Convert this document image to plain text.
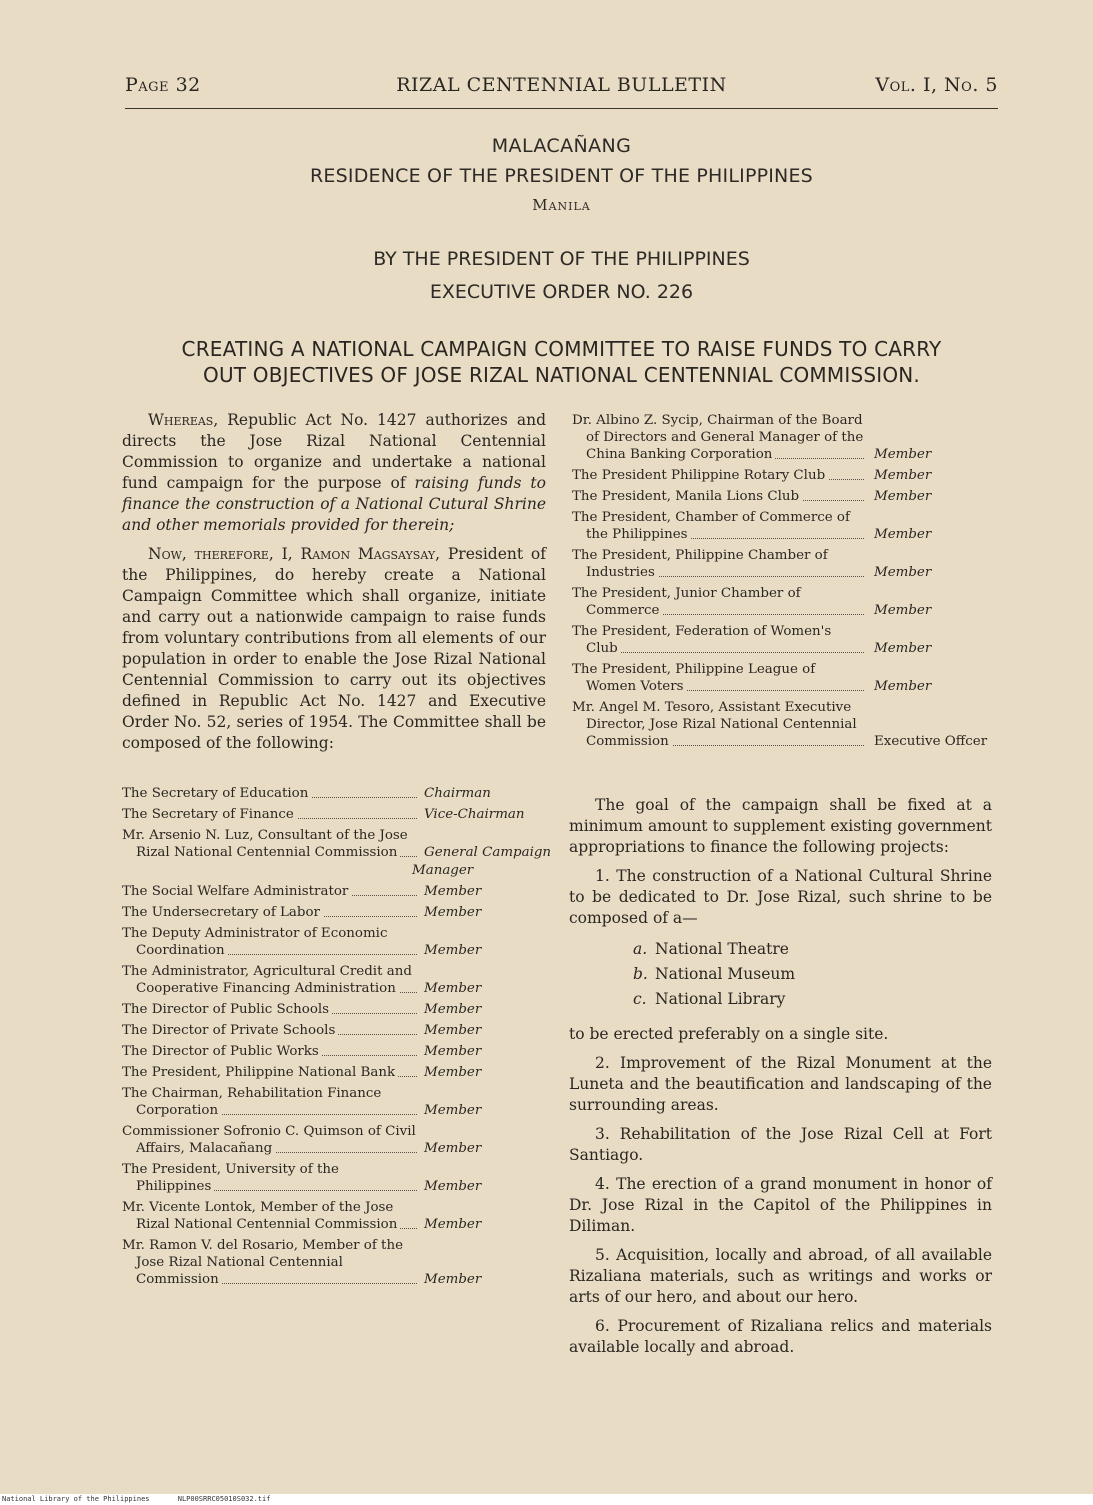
Page 32	RIZAL CENTENNIAL BULLETIN	Vol. I, No. 5
MALACAÑANG
RESIDENCE OF THE PRESIDENT OF THE PHILIPPINES
Manila
BY THE PRESIDENT OF THE PHILIPPINES
EXECUTIVE ORDER NO. 226
CREATING A NATIONAL CAMPAIGN COMMITTEE TO RAISE FUNDS TO CARRY
OUT OBJECTIVES OF JOSE RIZAL NATIONAL CENTENNIAL COMMISSION.

Whereas, Republic Act No. 1427 authorizes and directs the Jose Rizal National Centennial Commission to organize and undertake a national fund campaign for the purpose of raising funds to finance the construction of a National Cutural Shrine and other memorials provided for therein;

Now, therefore, I, Ramon Magsaysay, President of the Philippines, do hereby create a National Campaign Committee which shall organize, initiate and carry out a nationwide campaign to raise funds from voluntary contributions from all elements of our population in order to enable the Jose Rizal National Centennial Commission to carry out its objectives defined in Republic Act No. 1427 and Executive Order No. 52, series of 1954. The Committee shall be composed of the following:

The Secretary of Education	Chairman
The Secretary of Finance	Vice-Chairman
Mr. Arsenio N. Luz, Consultant of the Jose Rizal National Centennial Commission	General Campaign
Manager
The Social Welfare Administrator	Member
The Undersecretary of Labor	Member
The Deputy Administrator of Economic Coordination	Member
The Administrator, Agricultural Credit and Cooperative Financing Administration	Member
The Director of Public Schools	Member
The Director of Private Schools	Member
The Director of Public Works	Member
The President, Philippine National Bank	Member
The Chairman, Rehabilitation Finance Corporation	Member
Commissioner Sofronio C. Quimson of Civil Affairs, Malacañang	Member
The President, University of the Philippines	Member
Mr. Vicente Lontok, Member of the Jose Rizal National Centennial Commission	Member
Mr. Ramon V. del Rosario, Member of the Jose Rizal National Centennial Commission	Member
Dr. Albino Z. Sycip, Chairman of the Board of Directors and General Manager of the China Banking Corporation	Member
The President Philippine Rotary Club	Member
The President, Manila Lions Club	Member
The President, Chamber of Commerce of the Philippines	Member
The President, Philippine Chamber of Industries	Member
The President, Junior Chamber of Commerce	Member
The President, Federation of Women's Club	Member
The President, Philippine League of Women Voters	Member
Mr. Angel M. Tesoro, Assistant Executive Director, Jose Rizal National Centennial Commission	Executive Offcer

The goal of the campaign shall be fixed at a minimum amount to supplement existing government appropriations to finance the following projects:

1. The construction of a National Cultural Shrine to be dedicated to Dr. Jose Rizal, such shrine to be composed of a—

a. National Theatre
b. National Museum
c. National Library

to be erected preferably on a single site.

2. Improvement of the Rizal Monument at the Luneta and the beautification and landscaping of the surrounding areas.

3. Rehabilitation of the Jose Rizal Cell at Fort Santiago.

4. The erection of a grand monument in honor of Dr. Jose Rizal in the Capitol of the Philippines in Diliman.

5. Acquisition, locally and abroad, of all available Rizaliana materials, such as writings and works or arts of our hero, and about our hero.

6. Procurement of Rizaliana relics and materials available locally and abroad.

National Library of the Philippines	NLP00SRRC05010S032.tif
